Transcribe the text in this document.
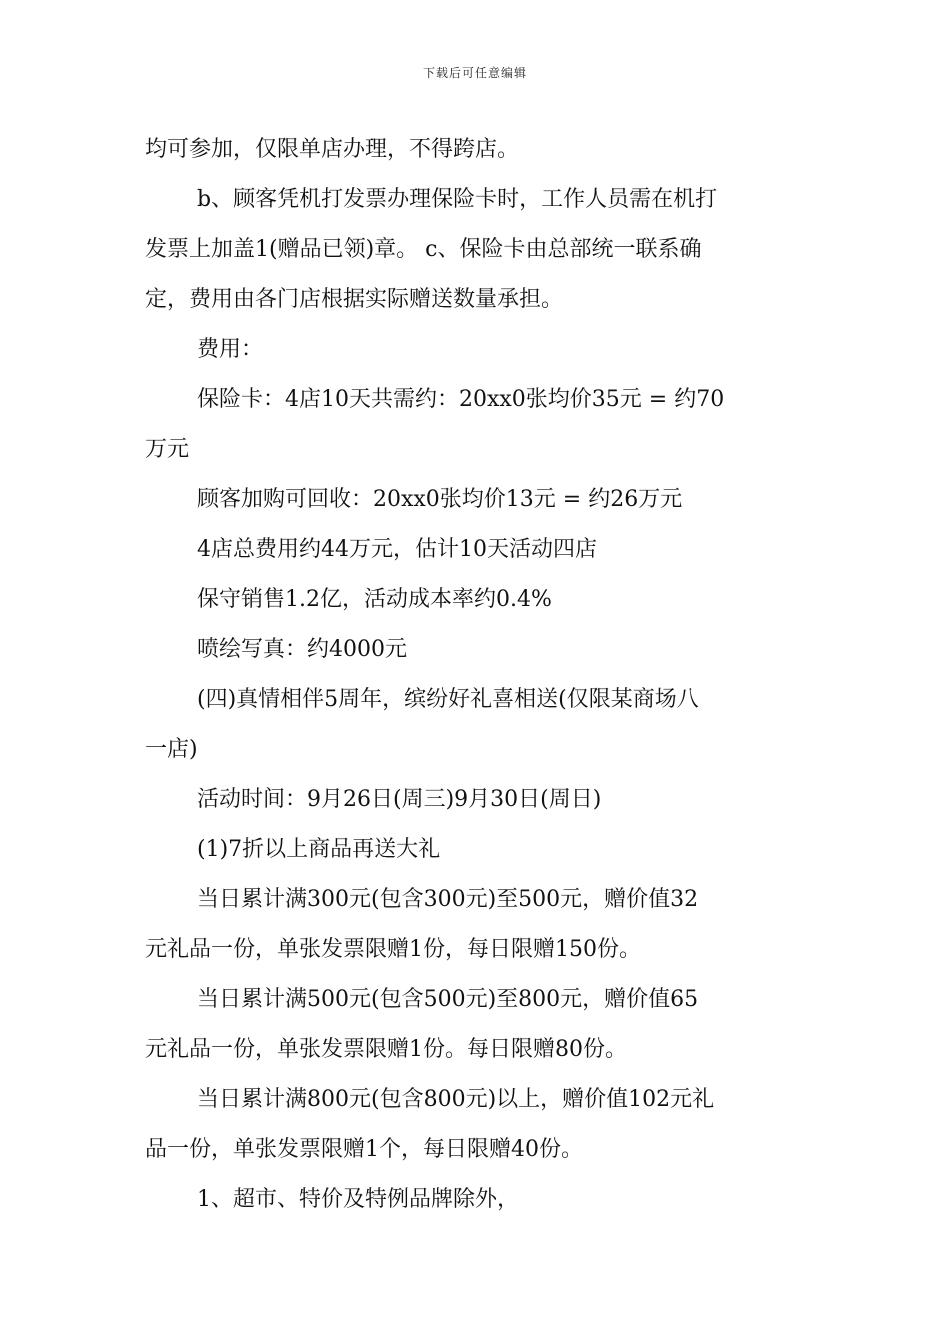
下载后可任意编辑
均可参加，仅限单店办理，不得跨店。
b、顾客凭机打发票办理保险卡时，工作人员需在机打
发票上加盖1(赠品已领)章。 c、保险卡由总部统一联系确
定，费用由各门店根据实际赠送数量承担。
费用：
保险卡：4店10天共需约：20xx0张均价35元 = 约70
万元
顾客加购可回收：20xx0张均价13元 = 约26万元
4店总费用约44万元，估计10天活动四店
保守销售1.2亿，活动成本率约0.4%
喷绘写真：约4000元
(四)真情相伴5周年，缤纷好礼喜相送(仅限某商场八
一店)
活动时间：9月26日(周三)9月30日(周日)
(1)7折以上商品再送大礼
当日累计满300元(包含300元)至500元，赠价值32
元礼品一份，单张发票限赠1份，每日限赠150份。
当日累计满500元(包含500元)至800元，赠价值65
元礼品一份，单张发票限赠1份。每日限赠80份。
当日累计满800元(包含800元)以上，赠价值102元礼
品一份，单张发票限赠1个，每日限赠40份。
1、超市、特价及特例品牌除外，
